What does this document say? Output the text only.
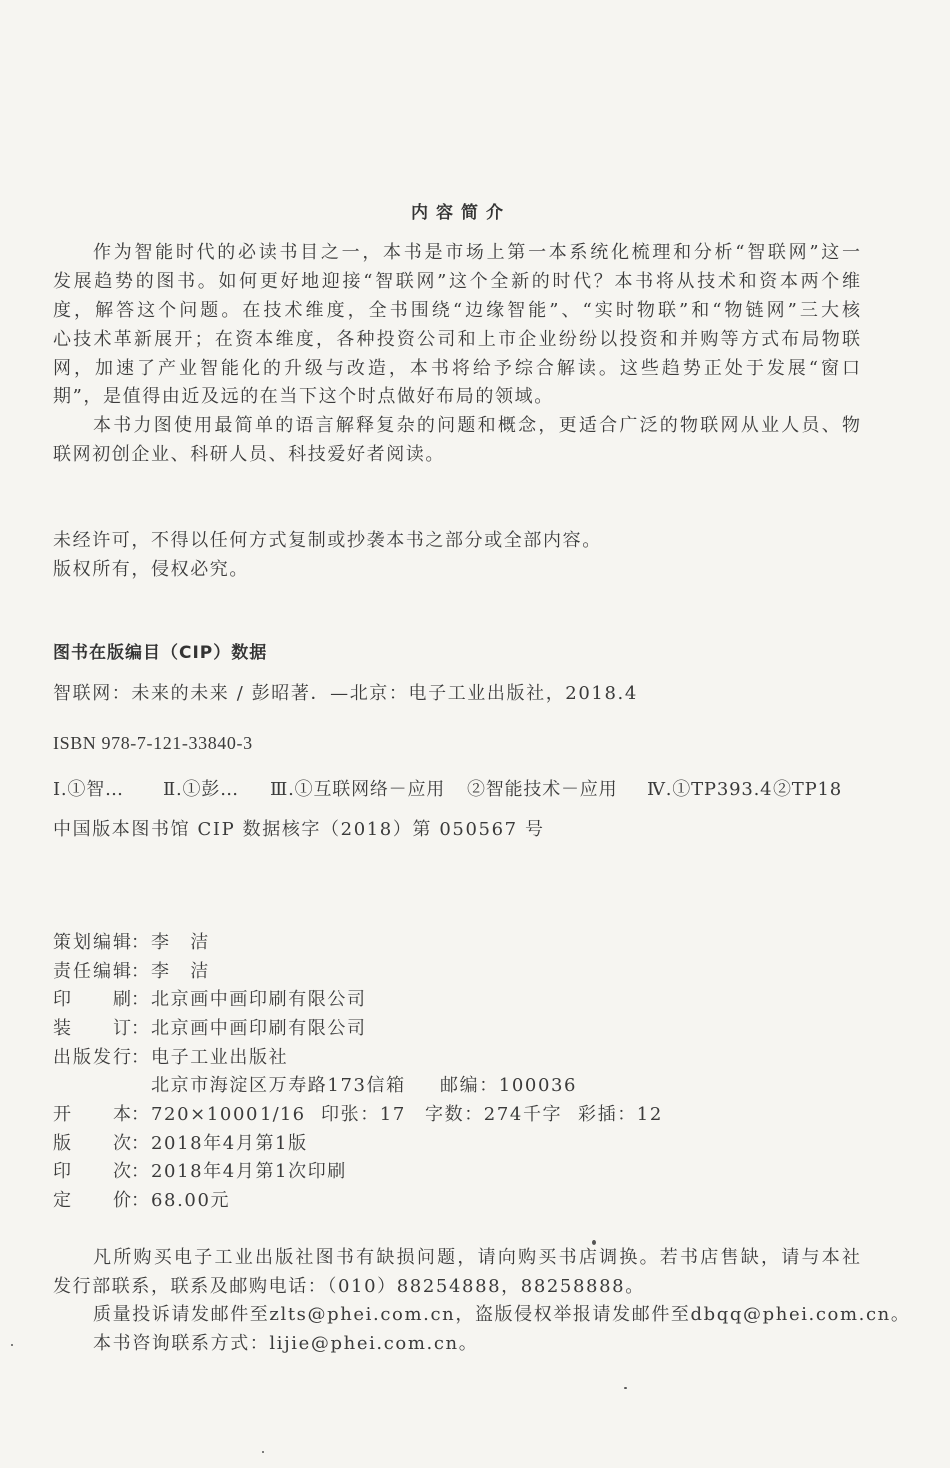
内容简介
作为智能时代的必读书目之一，本书是市场上第一本系统化梳理和分析“智联网”这一
发展趋势的图书。如何更好地迎接“智联网”这个全新的时代？本书将从技术和资本两个维
度，解答这个问题。在技术维度，全书围绕“边缘智能”、“实时物联”和“物链网”三大核
心技术革新展开；在资本维度，各种投资公司和上市企业纷纷以投资和并购等方式布局物联
网，加速了产业智能化的升级与改造，本书将给予综合解读。这些趋势正处于发展“窗口
期”，是值得由近及远的在当下这个时点做好布局的领域。
本书力图使用最简单的语言解释复杂的问题和概念，更适合广泛的物联网从业人员、物
联网初创企业、科研人员、科技爱好者阅读。
未经许可，不得以任何方式复制或抄袭本书之部分或全部内容。
版权所有，侵权必究。
图书在版编目（CIP）数据
智联网：未来的未来 / 彭昭著．—北京：电子工业出版社，2018.4
ISBN 978-7-121-33840-3
Ⅰ.①智… Ⅱ.①彭… Ⅲ.①互联网络－应用 ②智能技术－应用 Ⅳ.①TP393.4 ②TP18
中国版本图书馆 CIP 数据核字（2018）第 050567 号
策划编辑： 李　洁
责任编辑： 李　洁
印刷： 北京画中画印刷有限公司
装订： 北京画中画印刷有限公司
出版发行： 电子工业出版社
北京市海淀区万寿路173信箱 邮编：100036
开本： 720×1000 1/16 印张：17 字数：274千字 彩插：12
版次： 2018年4月第1版
印次： 2018年4月第1次印刷
定价： 68.00元
凡所购买电子工业出版社图书有缺损问题，请向购买书店调换。若书店售缺，请与本社
发行部联系，联系及邮购电话：（010）88254888，88258888。
质量投诉请发邮件至zlts@phei.com.cn，盗版侵权举报请发邮件至dbqq@phei.com.cn。
本书咨询联系方式：lijie@phei.com.cn。
